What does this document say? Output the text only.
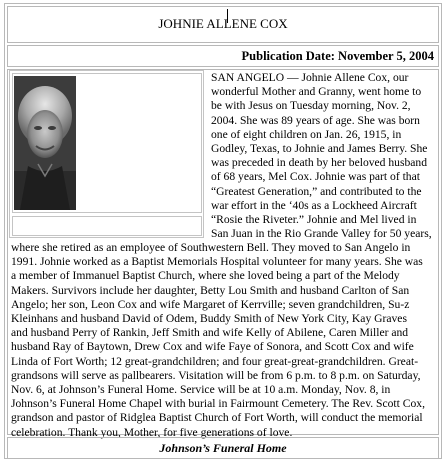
JOHNIE ALLENE COX
Publication Date: November 5, 2004
SAN ANGELO — Johnie Allene Cox, our
wonderful Mother and Granny, went home to
be with Jesus on Tuesday morning, Nov. 2,
2004. She was 89 years of age. She was born
one of eight children on Jan. 26, 1915, in
Godley, Texas, to Johnie and James Berry. She
was preceded in death by her beloved husband
of 68 years, Mel Cox. Johnie was part of that
“Greatest Generation,” and contributed to the
war effort in the ‘40s as a Lockheed Aircraft
“Rosie the Riveter.” Johnie and Mel lived in
San Juan in the Rio Grande Valley for 50 years,
where she retired as an employee of Southwestern Bell. They moved to San Angelo in
1991. Johnie worked as a Baptist Memorials Hospital volunteer for many years. She was
a member of Immanuel Baptist Church, where she loved being a part of the Melody
Makers. Survivors include her daughter, Betty Lou Smith and husband Carlton of San
Angelo; her son, Leon Cox and wife Margaret of Kerrville; seven grandchildren, Su-z
Kleinhans and husband David of Odem, Buddy Smith of New York City, Kay Graves
and husband Perry of Rankin, Jeff Smith and wife Kelly of Abilene, Caren Miller and
husband Ray of Baytown, Drew Cox and wife Faye of Sonora, and Scott Cox and wife
Linda of Fort Worth; 12 great-grandchildren; and four great-great-grandchildren. Great-
grandsons will serve as pallbearers. Visitation will be from 6 p.m. to 8 p.m. on Saturday,
Nov. 6, at Johnson’s Funeral Home. Service will be at 10 a.m. Monday, Nov. 8, in
Johnson’s Funeral Home Chapel with burial in Fairmount Cemetery. The Rev. Scott Cox,
grandson and pastor of Ridglea Baptist Church of Fort Worth, will conduct the memorial
celebration. Thank you, Mother, for five generations of love.
Johnson’s Funeral Home
